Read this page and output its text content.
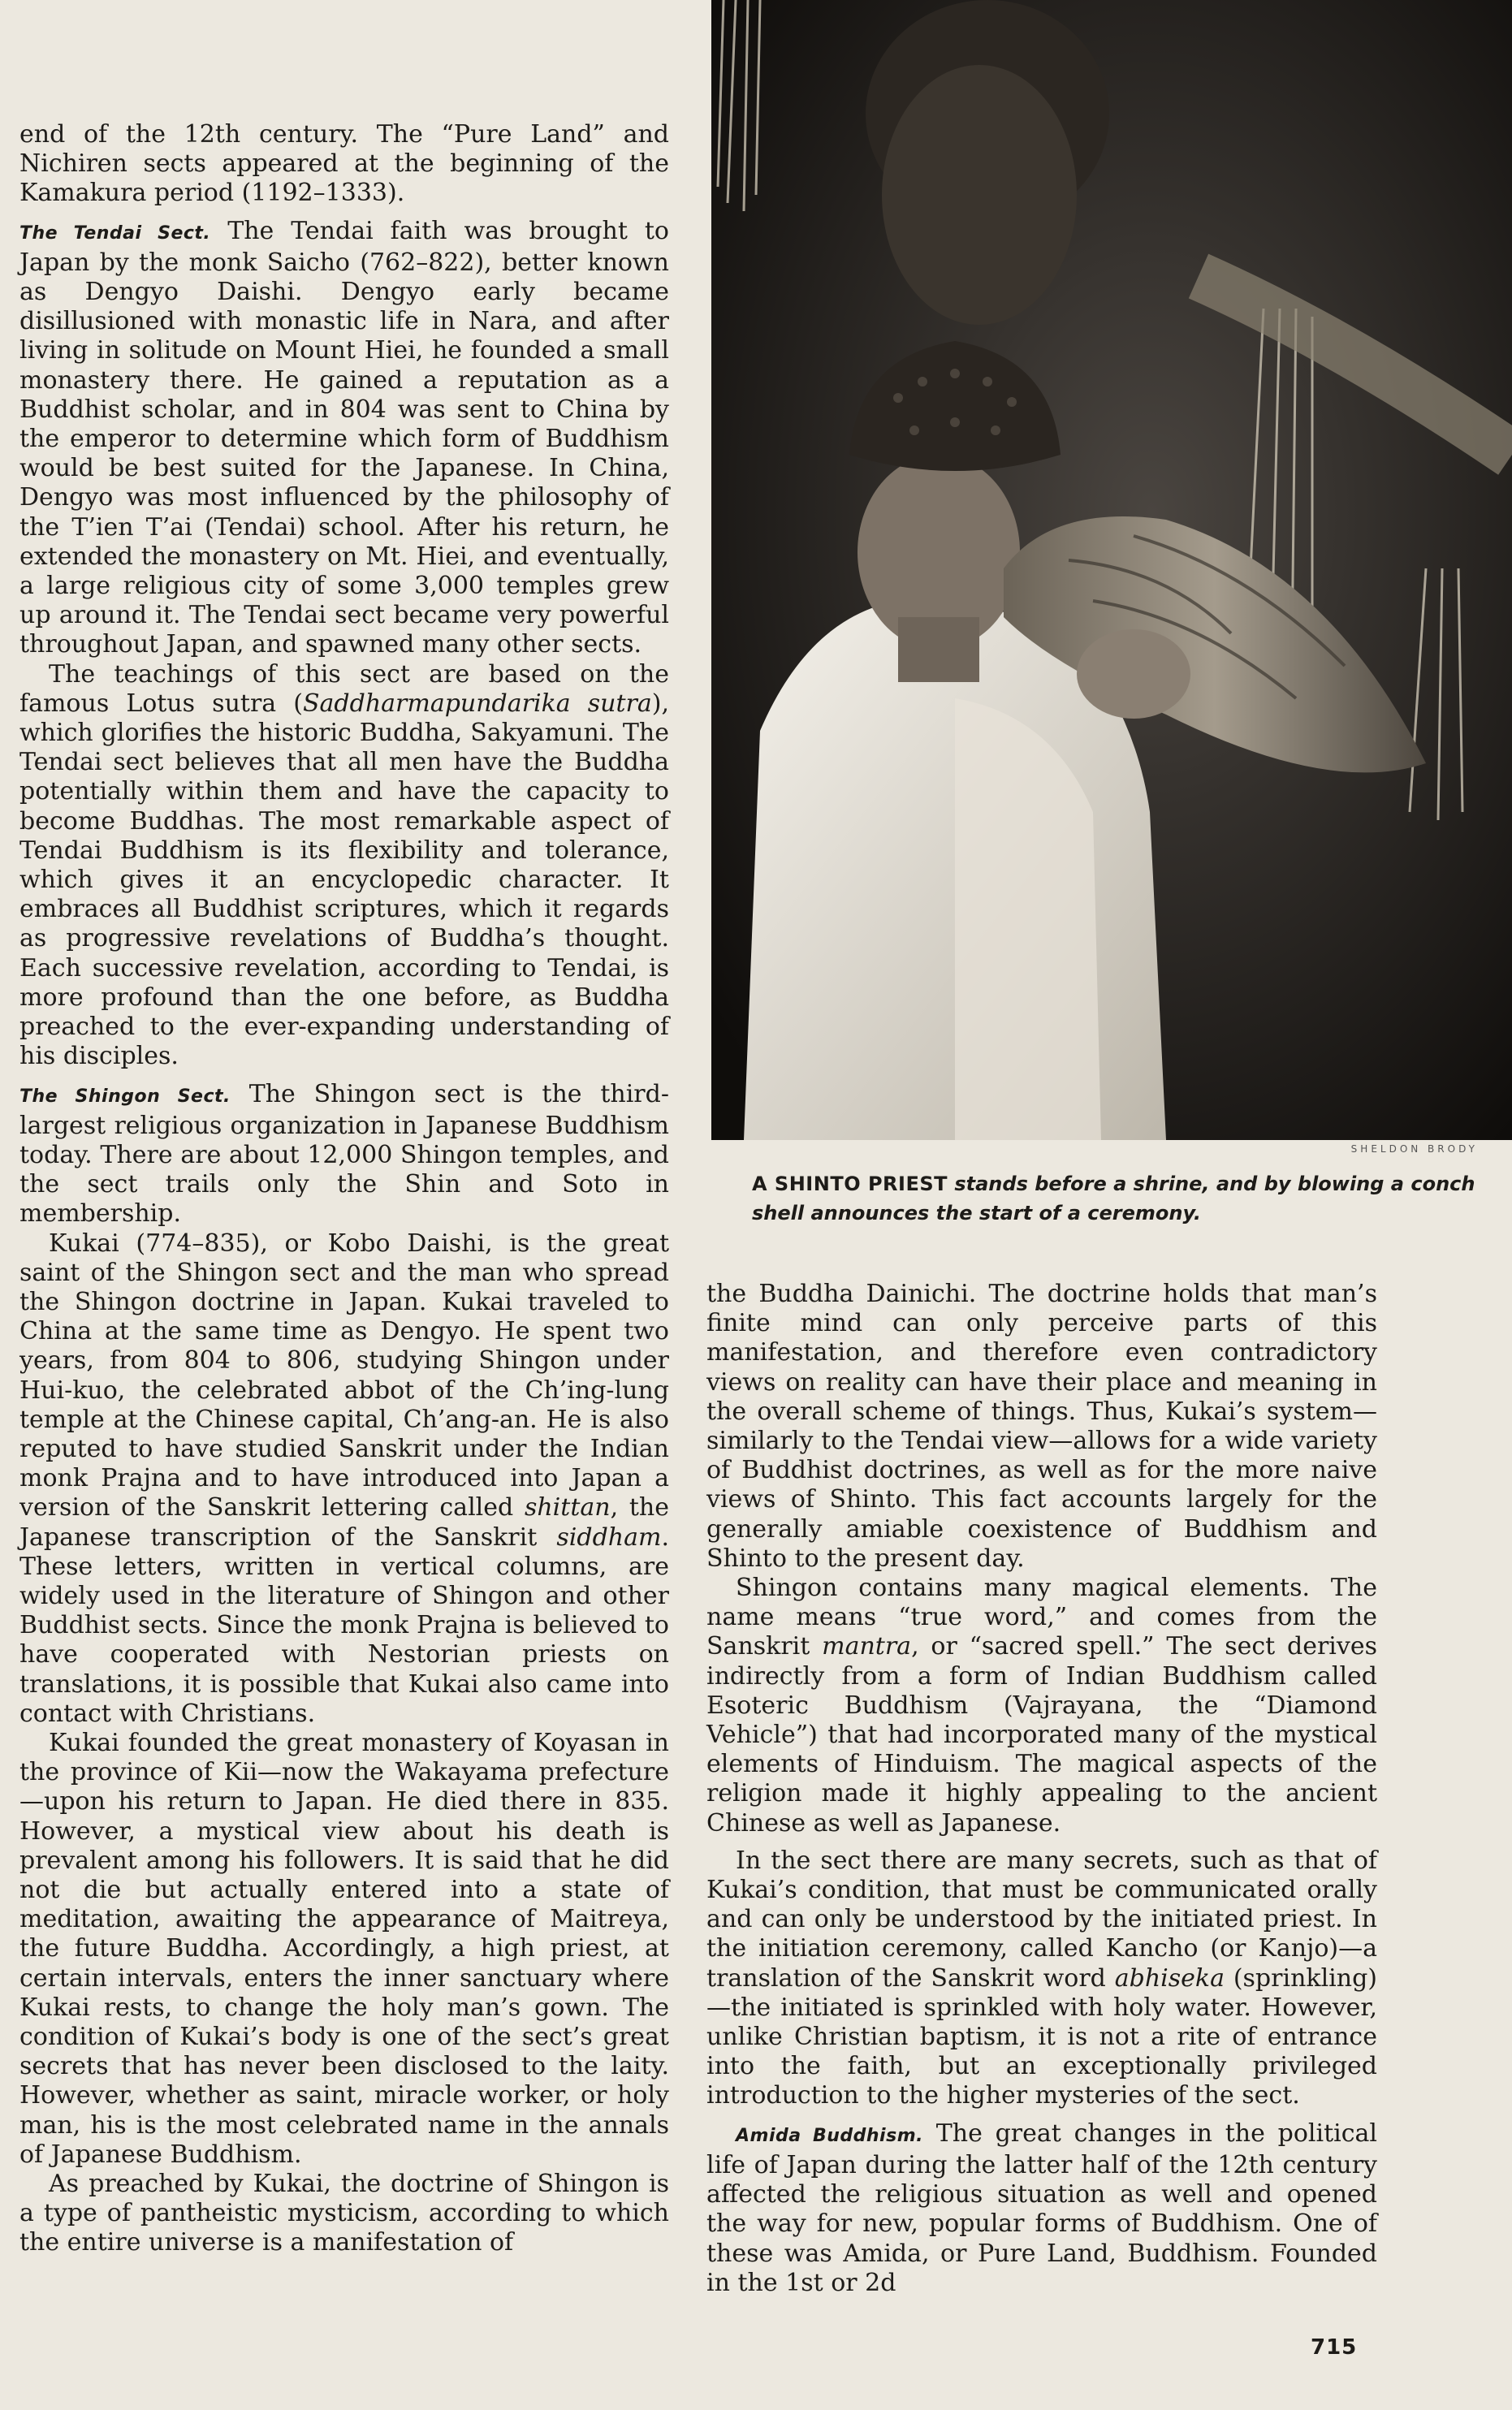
end of the 12th century. The “Pure Land” and Nichiren sects appeared at the beginning of the Kamakura period (1192–1333).

The Tendai Sect. The Tendai faith was brought to Japan by the monk Saicho (762–822), better known as Dengyo Daishi. Dengyo early became disillusioned with monastic life in Nara, and after living in solitude on Mount Hiei, he founded a small monastery there. He gained a reputation as a Buddhist scholar, and in 804 was sent to China by the emperor to determine which form of Buddhism would be best suited for the Japanese. In China, Dengyo was most influenced by the philosophy of the T’ien T’ai (Tendai) school. After his return, he extended the monastery on Mt. Hiei, and eventually, a large religious city of some 3,000 temples grew up around it. The Tendai sect became very powerful throughout Japan, and spawned many other sects.

The teachings of this sect are based on the famous Lotus sutra (Saddharmapundarika sutra), which glorifies the historic Buddha, Sakyamuni. The Tendai sect believes that all men have the Buddha potentially within them and have the capacity to become Buddhas. The most remarkable aspect of Tendai Buddhism is its flexibility and tolerance, which gives it an encyclopedic character. It embraces all Buddhist scriptures, which it regards as progressive revelations of Buddha’s thought. Each successive revelation, according to Tendai, is more profound than the one before, as Buddha preached to the ever-expanding understanding of his disciples.

The Shingon Sect. The Shingon sect is the third-largest religious organization in Japanese Buddhism today. There are about 12,000 Shingon temples, and the sect trails only the Shin and Soto in membership.

Kukai (774–835), or Kobo Daishi, is the great saint of the Shingon sect and the man who spread the Shingon doctrine in Japan. Kukai traveled to China at the same time as Dengyo. He spent two years, from 804 to 806, studying Shingon under Hui-kuo, the celebrated abbot of the Ch’ing-lung temple at the Chinese capital, Ch’ang-an. He is also reputed to have studied Sanskrit under the Indian monk Prajna and to have introduced into Japan a version of the Sanskrit lettering called shittan, the Japanese transcription of the Sanskrit siddham. These letters, written in vertical columns, are widely used in the literature of Shingon and other Buddhist sects. Since the monk Prajna is believed to have cooperated with Nestorian priests on translations, it is possible that Kukai also came into contact with Christians.

Kukai founded the great monastery of Koyasan in the province of Kii—now the Wakayama prefecture—upon his return to Japan. He died there in 835. However, a mystical view about his death is prevalent among his followers. It is said that he did not die but actually entered into a state of meditation, awaiting the appearance of Maitreya, the future Buddha. Accordingly, a high priest, at certain intervals, enters the inner sanctuary where Kukai rests, to change the holy man’s gown. The condition of Kukai’s body is one of the sect’s great secrets that has never been disclosed to the laity. However, whether as saint, miracle worker, or holy man, his is the most celebrated name in the annals of Japanese Buddhism.

As preached by Kukai, the doctrine of Shingon is a type of pantheistic mysticism, according to which the entire universe is a manifestation of

SHELDON BRODY
A SHINTO PRIEST stands before a shrine, and by blowing a conch shell announces the start of a ceremony.

the Buddha Dainichi. The doctrine holds that man’s finite mind can only perceive parts of this manifestation, and therefore even contradictory views on reality can have their place and meaning in the overall scheme of things. Thus, Kukai’s system—similarly to the Tendai view—allows for a wide variety of Buddhist doctrines, as well as for the more naive views of Shinto. This fact accounts largely for the generally amiable coexistence of Buddhism and Shinto to the present day.

Shingon contains many magical elements. The name means “true word,” and comes from the Sanskrit mantra, or “sacred spell.” The sect derives indirectly from a form of Indian Buddhism called Esoteric Buddhism (Vajrayana, the “Diamond Vehicle”) that had incorporated many of the mystical elements of Hinduism. The magical aspects of the religion made it highly appealing to the ancient Chinese as well as Japanese.

In the sect there are many secrets, such as that of Kukai’s condition, that must be communicated orally and can only be understood by the initiated priest. In the initiation ceremony, called Kancho (or Kanjo)—a translation of the Sanskrit word abhiseka (sprinkling)—the initiated is sprinkled with holy water. However, unlike Christian baptism, it is not a rite of entrance into the faith, but an exceptionally privileged introduction to the higher mysteries of the sect.

Amida Buddhism. The great changes in the political life of Japan during the latter half of the 12th century affected the religious situation as well and opened the way for new, popular forms of Buddhism. One of these was Amida, or Pure Land, Buddhism. Founded in the 1st or 2d

715
